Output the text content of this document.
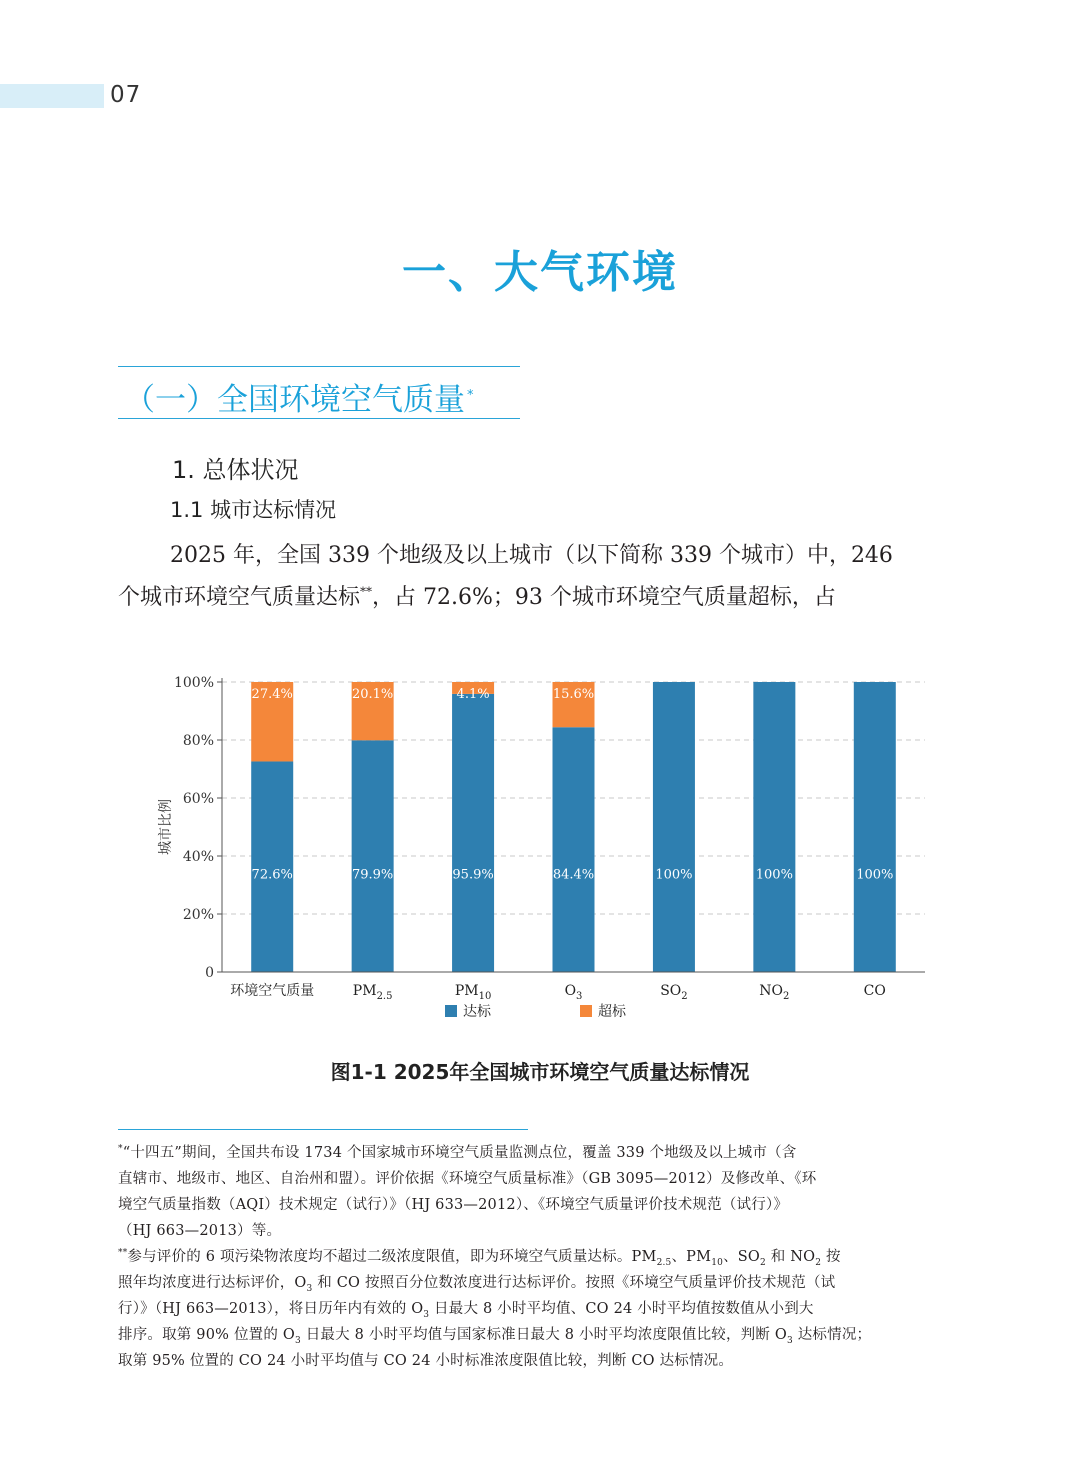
07
一、大气环境
（一）全国环境空气质量 *
1. 总体状况
1.1 城市达标情况
2025 年，全国 339 个地级及以上城市（以下简称 339 个城市）中，246
个城市环境空气质量达标**，占 72.6%；93 个城市环境空气质量超标，占
27.4%
72.6%
20.1%
79.9%
4.1%
95.9%
15.6%
84.4%	100%	100%	100%
0
20%
40%
60%
80%
100%
城市比例
环境空气质量	$PM_{2.5}$	$PM_{10}$	$O_3$	$SO_2$	$NO_2$	CO
达标	超标
图1-1 2025年全国城市环境空气质量达标情况
*“十四五”期间，全国共布设 1734 个国家城市环境空气质量监测点位，覆盖 339 个地级及以上城市（含
直辖市、地级市、地区、自治州和盟）。评价依据《环境空气质量标准》（GB 3095—2012）及修改单、《环
境空气质量指数（AQI）技术规定（试行）》（HJ 633—2012）、《环境空气质量评价技术规范（试行）》
（HJ 663—2013）等。
**参与评价的 6 项污染物浓度均不超过二级浓度限值，即为环境空气质量达标。$PM_{2.5}$、$PM_{10}$、$SO_2$ 和 $NO_2$ 按
照年均浓度进行达标评价，$O_3$ 和 CO 按照百分位数浓度进行达标评价。按照《环境空气质量评价技术规范（试
行）》（HJ 663—2013），将日历年内有效的 $O_3$ 日最大 8 小时平均值、CO 24 小时平均值按数值从小到大
排序。取第 90% 位置的 $O_3$ 日最大 8 小时平均值与国家标准日最大 8 小时平均浓度限值比较，判断 $O_3$ 达标情况；
取第 95% 位置的 CO 24 小时平均值与 CO 24 小时标准浓度限值比较，判断 CO 达标情况。
